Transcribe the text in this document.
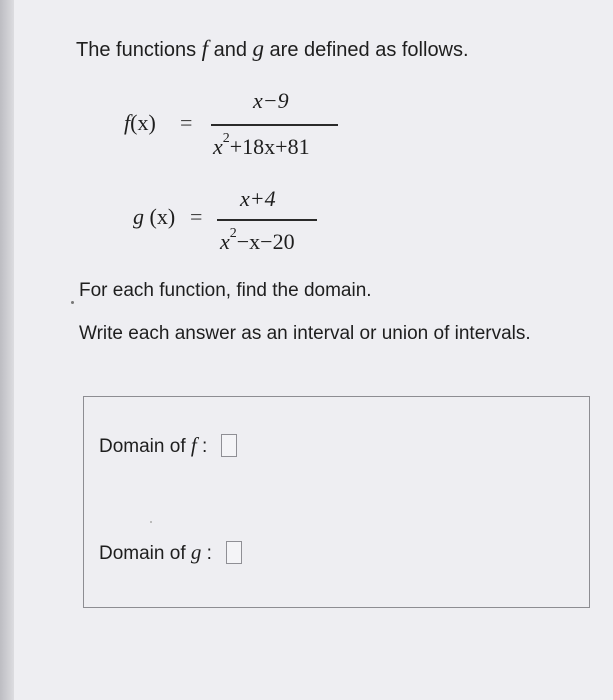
The functions f and g are defined as follows.
f(x) =
x−9
$x^2+18x+81$
g (x) =
x+4
$x^2-x-20$
For each function, find the domain.
Write each answer as an interval or union of intervals.
Domain of f :
Domain of g :
